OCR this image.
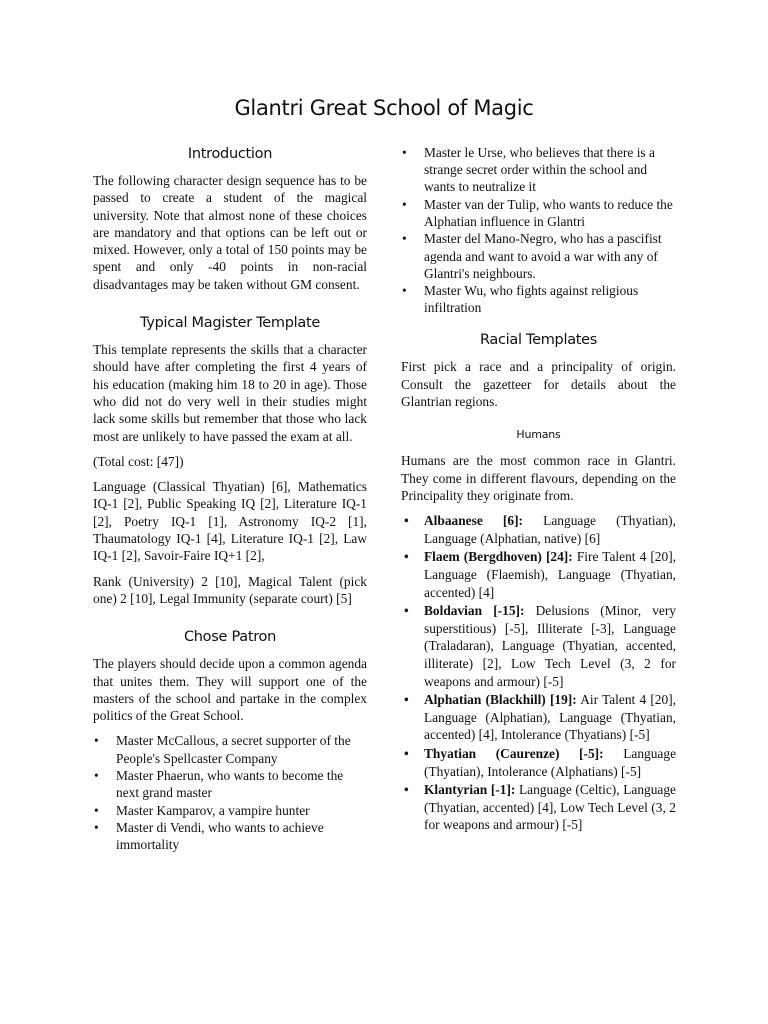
Glantri Great School of Magic
Introduction

The following character design sequence has to be passed to create a student of the magical university. Note that almost none of these choices are mandatory and that options can be left out or mixed. However, only a total of 150 points may be spent and only -40 points in non-racial disadvantages may be taken without GM consent.

Typical Magister Template

This template represents the skills that a character should have after completing the first 4 years of his education (making him 18 to 20 in age). Those who did not do very well in their studies might lack some skills but remember that those who lack most are unlikely to have passed the exam at all.

(Total cost: [47])

Language (Classical Thyatian) [6], Mathematics IQ-1 [2], Public Speaking IQ [2], Literature IQ-1 [2], Poetry IQ-1 [1], Astronomy IQ-2 [1], Thaumatology IQ-1 [4], Literature IQ-1 [2], Law IQ-1 [2], Savoir-Faire IQ+1 [2],

Rank (University) 2 [10], Magical Talent (pick one) 2 [10], Legal Immunity (separate court) [5]

Chose Patron

The players should decide upon a common agenda that unites them. They will support one of the masters of the school and partake in the complex politics of the Great School.

• Master McCallous, a secret supporter of the People's Spellcaster Company
• Master Phaerun, who wants to become the next grand master
• Master Kamparov, a vampire hunter
• Master di Vendi, who wants to achieve immortality
• Master le Urse, who believes that there is a strange secret order within the school and wants to neutralize it
• Master van der Tulip, who wants to reduce the Alphatian influence in Glantri
• Master del Mano-Negro, who has a pascifist agenda and want to avoid a war with any of Glantri's neighbours.
• Master Wu, who fights against religious infiltration
Racial Templates

First pick a race and a principality of origin. Consult the gazetteer for details about the Glantrian regions.

Humans

Humans are the most common race in Glantri. They come in different flavours, depending on the Principality they originate from.

• Albaanese [6]: Language (Thyatian), Language (Alphatian, native) [6]
• Flaem (Bergdhoven) [24]: Fire Talent 4 [20], Language (Flaemish), Language (Thyatian, accented) [4]
• Boldavian [-15]: Delusions (Minor, very superstitious) [-5], Illiterate [-3], Language (Traladaran), Language (Thyatian, accented, illiterate) [2], Low Tech Level (3, 2 for weapons and armour) [-5]
• Alphatian (Blackhill) [19]: Air Talent 4 [20], Language (Alphatian), Language (Thyatian, accented) [4], Intolerance (Thyatians) [-5]
• Thyatian (Caurenze) [-5]: Language (Thyatian), Intolerance (Alphatians) [-5]
• Klantyrian [-1]: Language (Celtic), Language (Thyatian, accented) [4], Low Tech Level (3, 2 for weapons and armour) [-5]
